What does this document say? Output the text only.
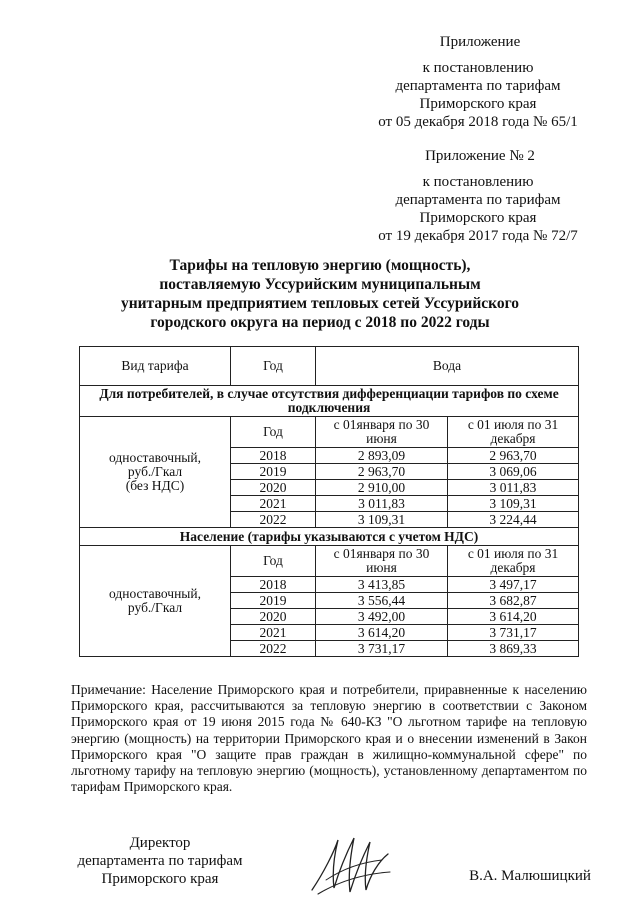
Приложение
к постановлению
департамента по тарифам
Приморского края
от 05 декабря 2018 года № 65/1
Приложение № 2
к постановлению
департамента по тарифам
Приморского края
от 19 декабря 2017 года № 72/7
Тарифы на тепловую энергию (мощность),
поставляемую Уссурийским муниципальным
унитарным предприятием тепловых сетей Уссурийского
городского округа на период с 2018 по 2022 годы
Вид тарифа	Год	Вода	
Для потребителей, в случае отсутствия дифференциации тарифов по схеме подключения			

одноставочный,
руб./Гкал
(без НДС)	Год	с 01января по 30 июня	с 01 июля по 31 декабря
	2018	2 893,09	2 963,70
	2019	2 963,70	3 069,06
	2020	2 910,00	3 011,83
	2021	3 011,83	3 109,31
	2022	3 109,31	3 224,44
Население (тарифы указываются с учетом НДС)			

одноставочный,
руб./Гкал	Год	с 01января по 30 июня	с 01 июля по 31 декабря
	2018	3 413,85	3 497,17
	2019	3 556,44	3 682,87
	2020	3 492,00	3 614,20
	2021	3 614,20	3 731,17
	2022	3 731,17	3 869,33
Примечание: Население Приморского края и потребители, приравненные к населению Приморского края, рассчитываются за тепловую энергию в соответствии с Законом Приморского края от 19 июня 2015 года № 640-КЗ "О льготном тарифе на тепловую энергию (мощность) на территории Приморского края и о внесении изменений в Закон Приморского края "О защите прав граждан в жилищно-коммунальной сфере" по льготному тарифу на тепловую энергию (мощность), установленному департаментом по тарифам Приморского края.
Директор
департамента по тарифам
Приморского края	В.А. Малюшицкий
